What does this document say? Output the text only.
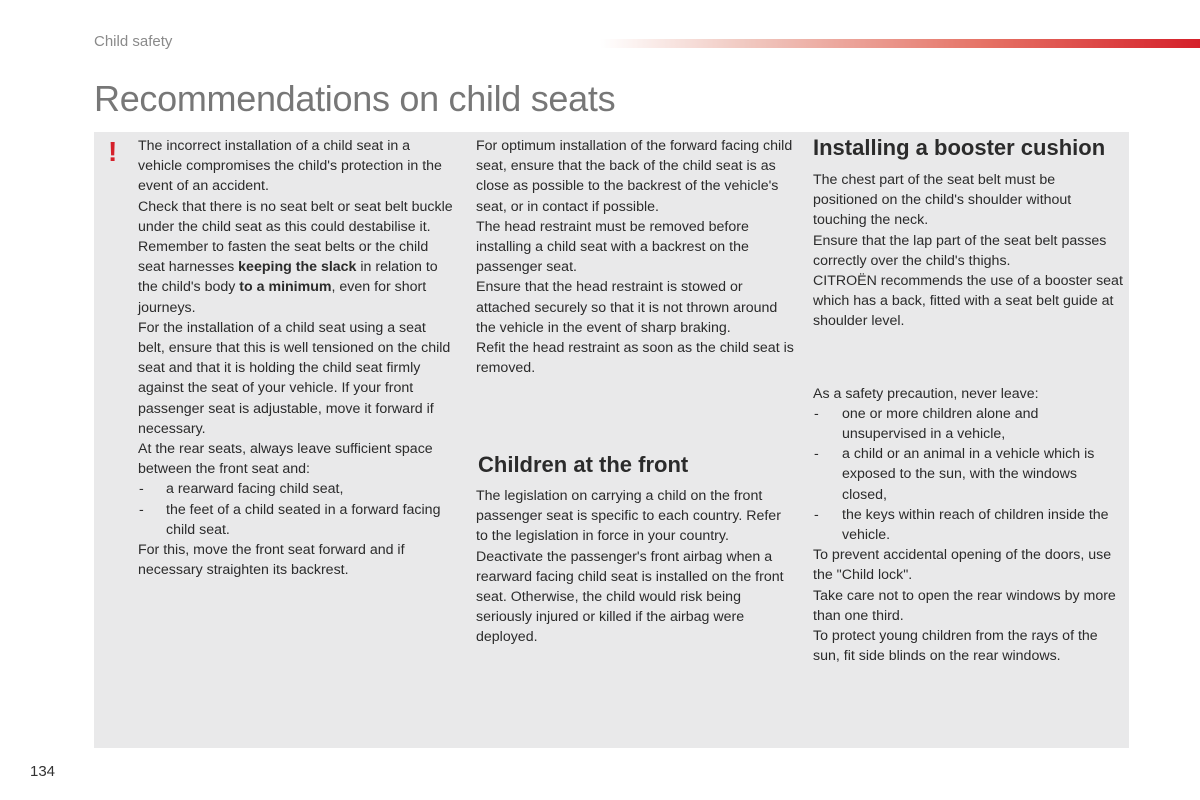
Child safety
Recommendations on child seats
! The incorrect installation of a child seat in a vehicle compromises the child's protection in the event of an accident.

Check that there is no seat belt or seat belt buckle under the child seat as this could destabilise it.

Remember to fasten the seat belts or the child seat harnesses keeping the slack in relation to the child's body to a minimum, even for short journeys.

For the installation of a child seat using a seat belt, ensure that this is well tensioned on the child seat and that it is holding the child seat firmly against the seat of your vehicle. If your front passenger seat is adjustable, move it forward if necessary.

At the rear seats, always leave sufficient space between the front seat and:

- a rearward facing child seat,
- the feet of a child seated in a forward facing child seat.

For this, move the front seat forward and if necessary straighten its backrest.

For optimum installation of the forward facing child seat, ensure that the back of the child seat is as close as possible to the backrest of the vehicle's seat, or in contact if possible.

The head restraint must be removed before installing a child seat with a backrest on the passenger seat.

Ensure that the head restraint is stowed or attached securely so that it is not thrown around the vehicle in the event of sharp braking.

Refit the head restraint as soon as the child seat is removed.

Children at the front

The legislation on carrying a child on the front passenger seat is specific to each country. Refer to the legislation in force in your country.

Deactivate the passenger's front airbag when a rearward facing child seat is installed on the front seat. Otherwise, the child would risk being seriously injured or killed if the airbag were deployed.

Installing a booster cushion

The chest part of the seat belt must be positioned on the child's shoulder without touching the neck.

Ensure that the lap part of the seat belt passes correctly over the child's thighs.

CITROËN recommends the use of a booster seat which has a back, fitted with a seat belt guide at shoulder level.

As a safety precaution, never leave:

- one or more children alone and unsupervised in a vehicle,
- a child or an animal in a vehicle which is exposed to the sun, with the windows closed,
- the keys within reach of children inside the vehicle.

To prevent accidental opening of the doors, use the "Child lock".

Take care not to open the rear windows by more than one third.

To protect young children from the rays of the sun, fit side blinds on the rear windows.

134
